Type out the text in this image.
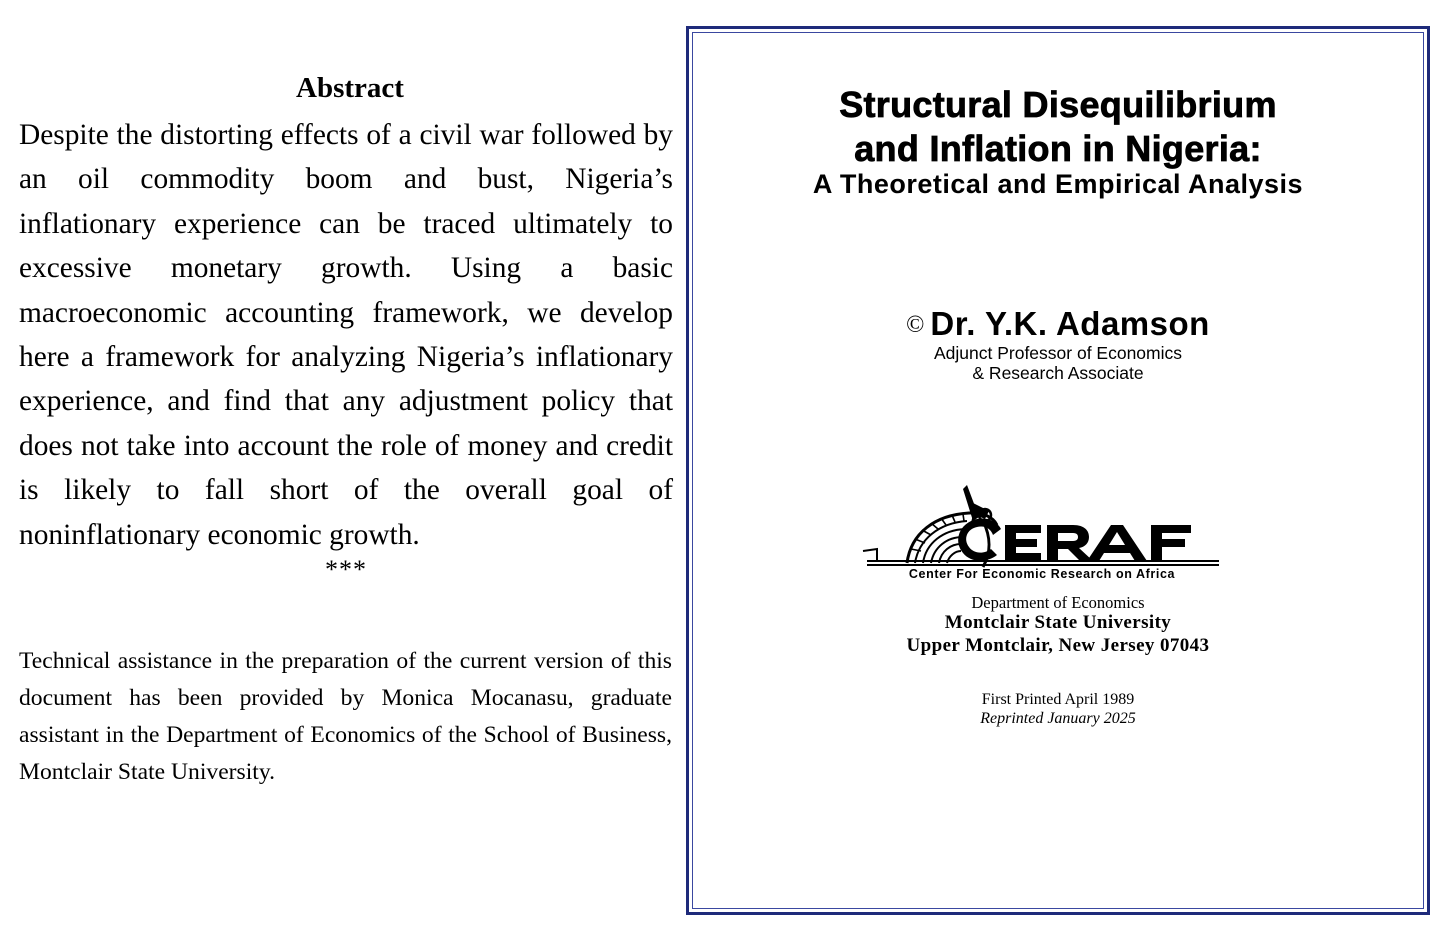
Abstract

Despite the distorting effects of a civil war followed by an oil commodity boom and bust, Nigeria’s inflationary experience can be traced ultimately to excessive monetary growth. Using a basic macroeconomic accounting framework, we develop here a framework for analyzing Nigeria’s inflationary experience, and find that any adjustment policy that does not take into account the role of money and credit is likely to fall short of the overall goal of noninflationary economic growth.

***

Technical assistance in the preparation of the current version of this document has been provided by Monica Mocanasu, graduate assistant in the Department of Economics of the School of Business, Montclair State University.

Structural Disequilibrium
and Inflation in Nigeria:
A Theoretical and Empirical Analysis
© Dr. Y.K. Adamson
Adjunct Professor of Economics
& Research Associate
Center For Economic Research on Africa
Department of Economics
Montclair State University
Upper Montclair, New Jersey 07043
First Printed April 1989
Reprinted January 2025
